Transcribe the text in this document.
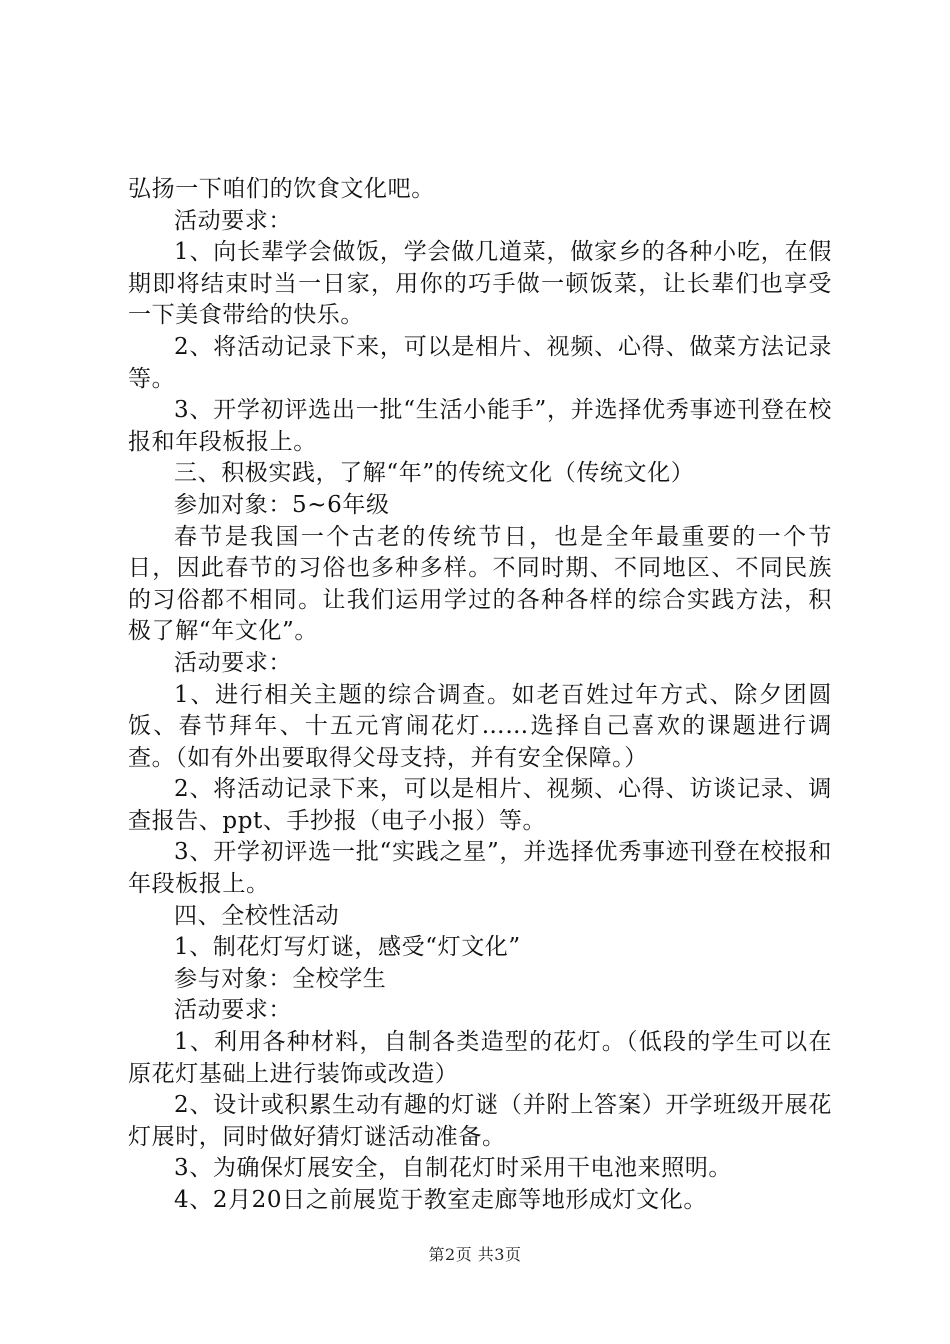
弘扬一下咱们的饮食文化吧。

活动要求：

1、向长辈学会做饭，学会做几道菜，做家乡的各种小吃，在假期即将结束时当一日家，用你的巧手做一顿饭菜，让长辈们也享受一下美食带给的快乐。

2、将活动记录下来，可以是相片、视频、心得、做菜方法记录等。

3、开学初评选出一批“生活小能手”，并选择优秀事迹刊登在校报和年段板报上。

三、积极实践，了解“年”的传统文化（传统文化）

参加对象：5~6年级

春节是我国一个古老的传统节日，也是全年最重要的一个节日，因此春节的习俗也多种多样。不同时期、不同地区、不同民族的习俗都不相同。让我们运用学过的各种各样的综合实践方法，积极了解“年文化”。

活动要求：

1、进行相关主题的综合调查。如老百姓过年方式、除夕团圆饭、春节拜年、十五元宵闹花灯……选择自己喜欢的课题进行调查。（如有外出要取得父母支持，并有安全保障。）

2、将活动记录下来，可以是相片、视频、心得、访谈记录、调查报告、ppt、手抄报（电子小报）等。

3、开学初评选一批“实践之星”，并选择优秀事迹刊登在校报和年段板报上。

四、全校性活动

1、制花灯写灯谜，感受“灯文化”

参与对象：全校学生

活动要求：

1、利用各种材料，自制各类造型的花灯。（低段的学生可以在原花灯基础上进行装饰或改造）

2、设计或积累生动有趣的灯谜（并附上答案）开学班级开展花灯展时，同时做好猜灯谜活动准备。

3、为确保灯展安全，自制花灯时采用干电池来照明。

4、2月20日之前展览于教室走廊等地形成灯文化。

第2页 共3页
